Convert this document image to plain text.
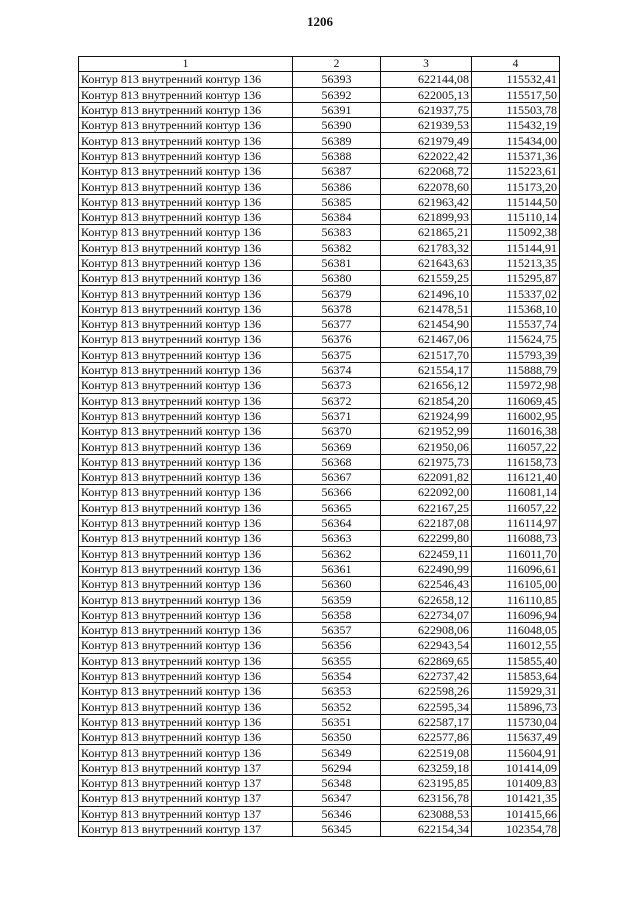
1206
1	2	3	4
Контур 813 внутренний контур 136	56393	622144,08	115532,41
Контур 813 внутренний контур 136	56392	622005,13	115517,50
Контур 813 внутренний контур 136	56391	621937,75	115503,78
Контур 813 внутренний контур 136	56390	621939,53	115432,19
Контур 813 внутренний контур 136	56389	621979,49	115434,00
Контур 813 внутренний контур 136	56388	622022,42	115371,36
Контур 813 внутренний контур 136	56387	622068,72	115223,61
Контур 813 внутренний контур 136	56386	622078,60	115173,20
Контур 813 внутренний контур 136	56385	621963,42	115144,50
Контур 813 внутренний контур 136	56384	621899,93	115110,14
Контур 813 внутренний контур 136	56383	621865,21	115092,38
Контур 813 внутренний контур 136	56382	621783,32	115144,91
Контур 813 внутренний контур 136	56381	621643,63	115213,35
Контур 813 внутренний контур 136	56380	621559,25	115295,87
Контур 813 внутренний контур 136	56379	621496,10	115337,02
Контур 813 внутренний контур 136	56378	621478,51	115368,10
Контур 813 внутренний контур 136	56377	621454,90	115537,74
Контур 813 внутренний контур 136	56376	621467,06	115624,75
Контур 813 внутренний контур 136	56375	621517,70	115793,39
Контур 813 внутренний контур 136	56374	621554,17	115888,79
Контур 813 внутренний контур 136	56373	621656,12	115972,98
Контур 813 внутренний контур 136	56372	621854,20	116069,45
Контур 813 внутренний контур 136	56371	621924,99	116002,95
Контур 813 внутренний контур 136	56370	621952,99	116016,38
Контур 813 внутренний контур 136	56369	621950,06	116057,22
Контур 813 внутренний контур 136	56368	621975,73	116158,73
Контур 813 внутренний контур 136	56367	622091,82	116121,40
Контур 813 внутренний контур 136	56366	622092,00	116081,14
Контур 813 внутренний контур 136	56365	622167,25	116057,22
Контур 813 внутренний контур 136	56364	622187,08	116114,97
Контур 813 внутренний контур 136	56363	622299,80	116088,73
Контур 813 внутренний контур 136	56362	622459,11	116011,70
Контур 813 внутренний контур 136	56361	622490,99	116096,61
Контур 813 внутренний контур 136	56360	622546,43	116105,00
Контур 813 внутренний контур 136	56359	622658,12	116110,85
Контур 813 внутренний контур 136	56358	622734,07	116096,94
Контур 813 внутренний контур 136	56357	622908,06	116048,05
Контур 813 внутренний контур 136	56356	622943,54	116012,55
Контур 813 внутренний контур 136	56355	622869,65	115855,40
Контур 813 внутренний контур 136	56354	622737,42	115853,64
Контур 813 внутренний контур 136	56353	622598,26	115929,31
Контур 813 внутренний контур 136	56352	622595,34	115896,73
Контур 813 внутренний контур 136	56351	622587,17	115730,04
Контур 813 внутренний контур 136	56350	622577,86	115637,49
Контур 813 внутренний контур 136	56349	622519,08	115604,91
Контур 813 внутренний контур 137	56294	623259,18	101414,09
Контур 813 внутренний контур 137	56348	623195,85	101409,83
Контур 813 внутренний контур 137	56347	623156,78	101421,35
Контур 813 внутренний контур 137	56346	623088,53	101415,66
Контур 813 внутренний контур 137	56345	622154,34	102354,78
